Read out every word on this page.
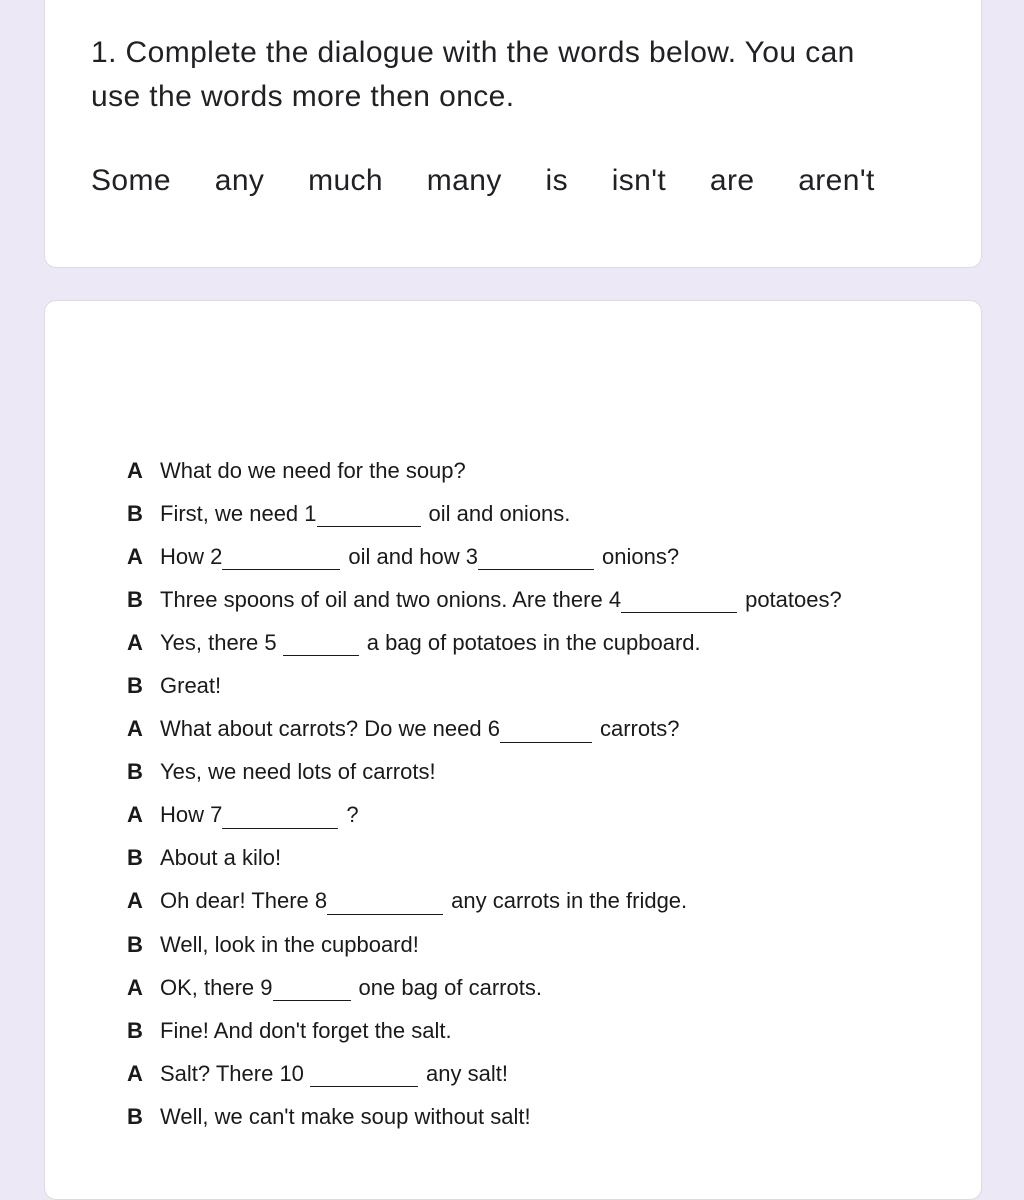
1. Complete the dialogue with the words below. You can use the words more then once.

Some any much many is isn't are aren't
A What do we need for the soup?
B First, we need 1	oil and onions.
A How 2	oil and how 3	onions?
B Three spoons of oil and two onions. Are there 4	potatoes?
A Yes, there 5	a bag of potatoes in the cupboard.
B Great!
A What about carrots? Do we need 6	carrots?
B Yes, we need lots of carrots!
A How 7	?
B About a kilo!
A Oh dear! There 8	any carrots in the fridge.
B Well, look in the cupboard!
A OK, there 9	one bag of carrots.
B Fine! And don't forget the salt.
A Salt? There 10	any salt!
B Well, we can't make soup without salt!
